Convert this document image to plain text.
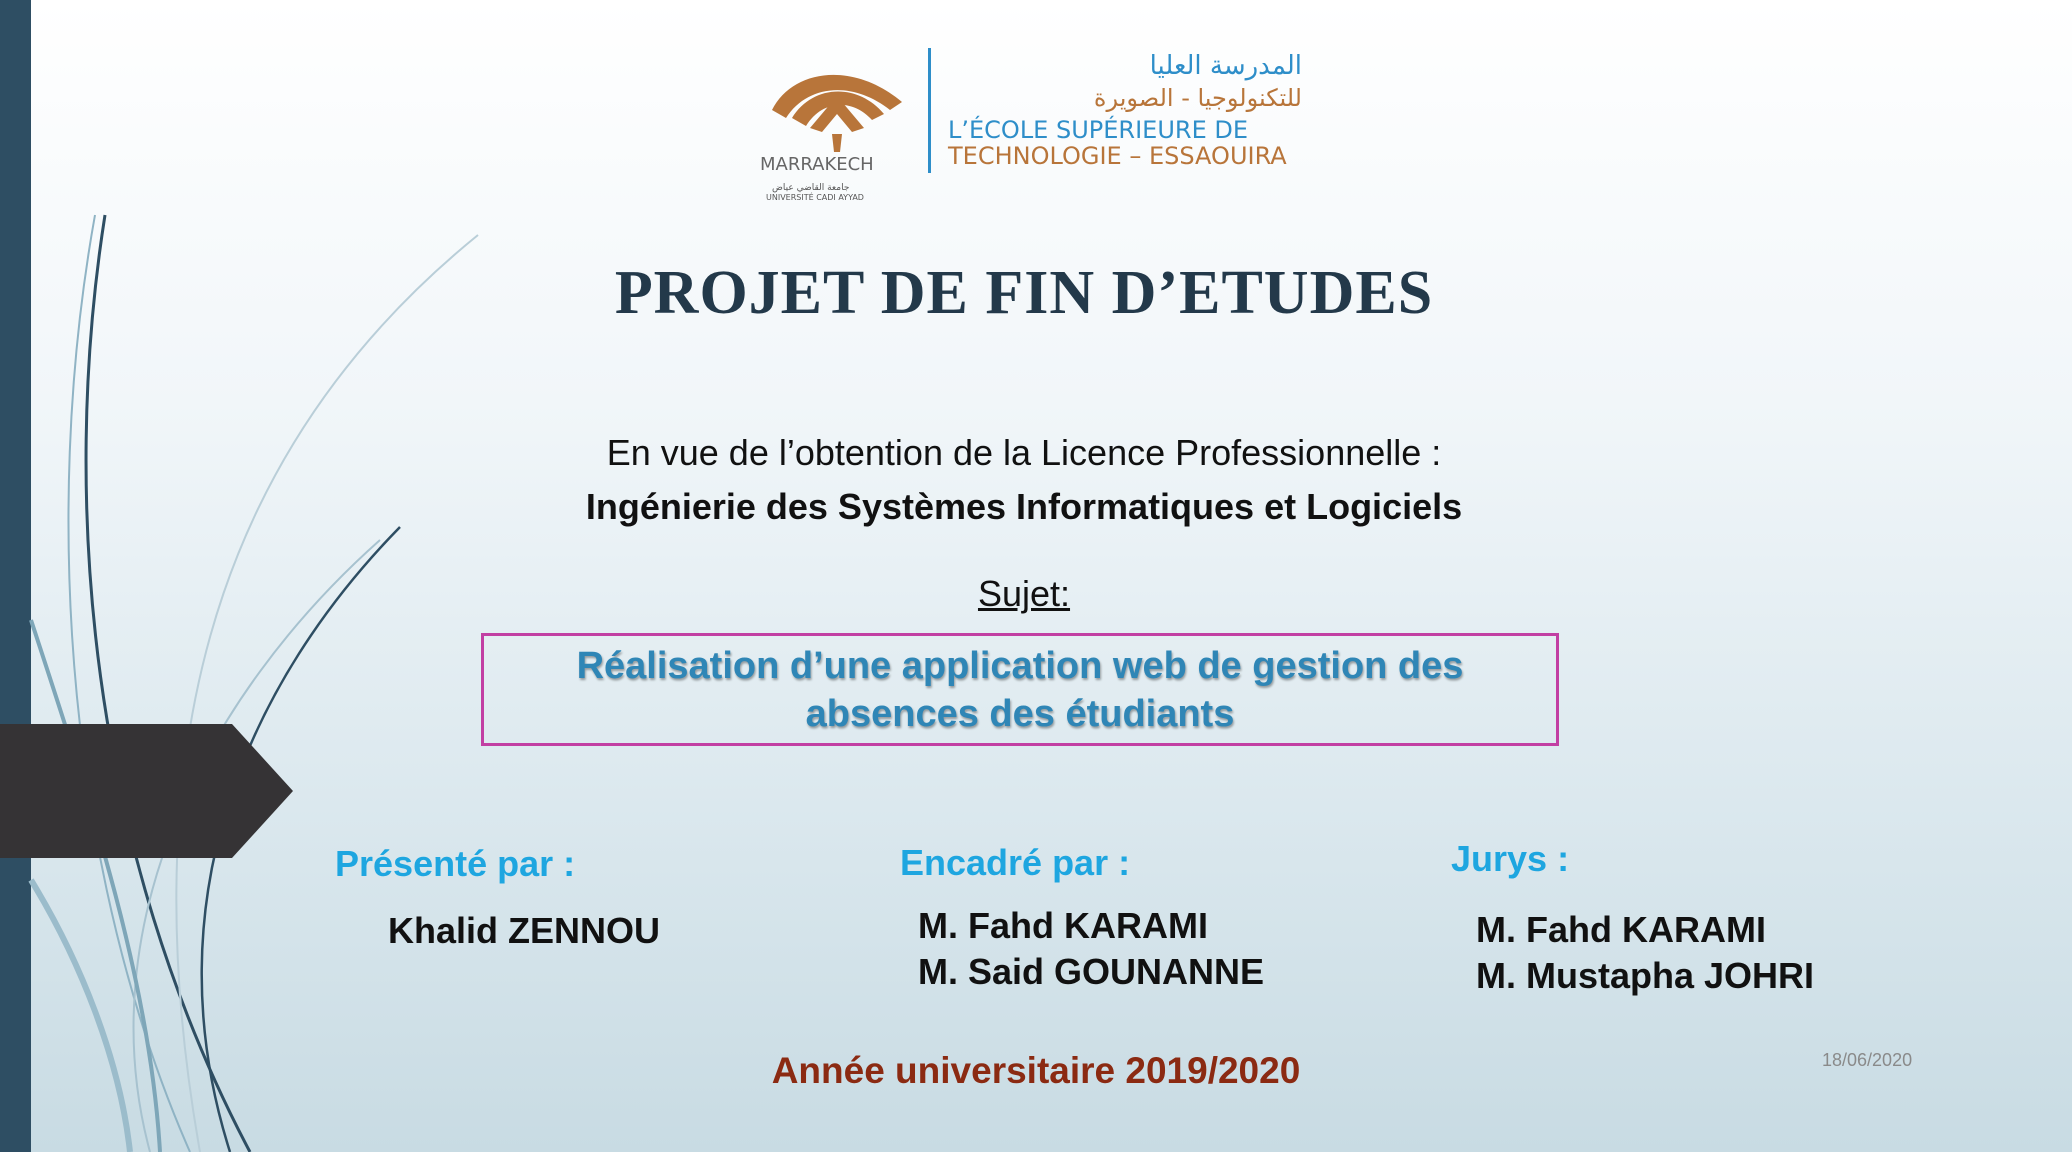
MARRAKECH
جامعة القاضي عياض
UNIVERSITÉ CADI AYYAD
المدرسة العليا
للتكنولوجيا - الصويرة
L’ÉCOLE SUPÉRIEURE DE
TECHNOLOGIE – ESSAOUIRA
PROJET DE FIN D’ETUDES
En vue de l’obtention de la Licence Professionnelle :
Ingénierie des Systèmes Informatiques et Logiciels
Sujet:
Réalisation d’une application web de gestion des absences des étudiants
Présenté par :
Khalid ZENNOU
Encadré par :
M. Fahd KARAMI
M. Said GOUNANNE
Jurys :
M. Fahd KARAMI
M. Mustapha JOHRI
Année universitaire 2019/2020	18/06/2020
